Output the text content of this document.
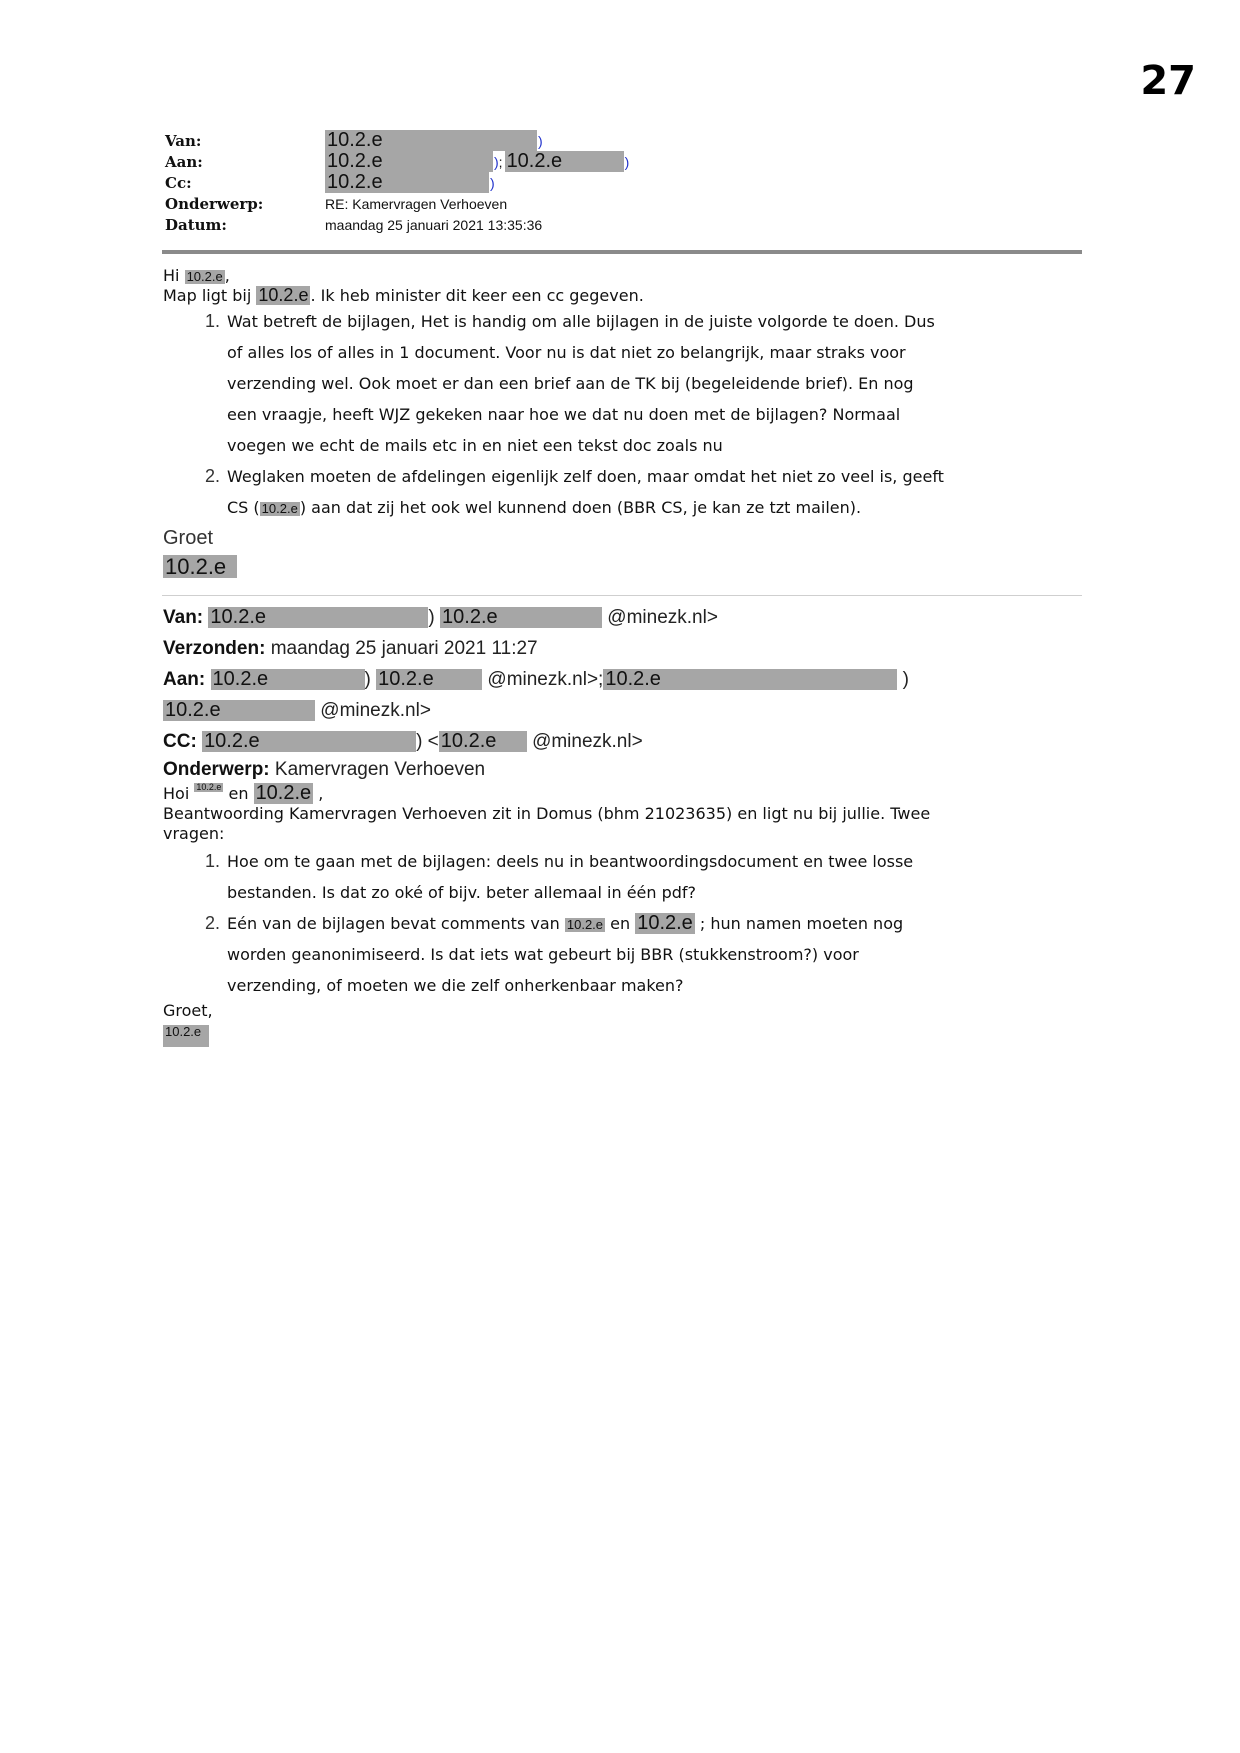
27
Van:	10.2.e	)
Aan:	10.2.e	) ; 10.2.e	)
Cc:	10.2.e	)
Onderwerp:	RE: Kamervragen Verhoeven
Datum:	maandag 25 januari 2021 13:35:36
Hi 10.2.e ,
Map ligt bij 10.2.e . Ik heb minister dit keer een cc gegeven.
1. Wat betreft de bijlagen, Het is handig om alle bijlagen in de juiste volgorde te doen. Dus
of alles los of alles in 1 document. Voor nu is dat niet zo belangrijk, maar straks voor
verzending wel. Ook moet er dan een brief aan de TK bij (begeleidende brief). En nog
een vraagje, heeft WJZ gekeken naar hoe we dat nu doen met de bijlagen? Normaal
voegen we echt de mails etc in en niet een tekst doc zoals nu
2. Weglaken moeten de afdelingen eigenlijk zelf doen, maar omdat het niet zo veel is, geeft
CS ( 10.2.e ) aan dat zij het ook wel kunnend doen (BBR CS, je kan ze tzt mailen).
Groet
10.2.e
Van: 10.2.e	) 10.2.e	@minezk.nl>
Verzonden: maandag 25 januari 2021 11:27
Aan: 10.2.e	) 10.2.e	@minezk.nl>; 10.2.e	)
10.2.e	@minezk.nl>
CC: 10.2.e	) < 10.2.e @minezk.nl>
Onderwerp: Kamervragen Verhoeven
Hoi 10.2.e en 10.2.e ,
Beantwoording Kamervragen Verhoeven zit in Domus (bhm 21023635) en ligt nu bij jullie. Twee
vragen:
1. Hoe om te gaan met de bijlagen: deels nu in beantwoordingsdocument en twee losse
bestanden. Is dat zo oké of bijv. beter allemaal in één pdf?
2. Eén van de bijlagen bevat comments van 10.2.e en 10.2.e ; hun namen moeten nog
worden geanonimiseerd. Is dat iets wat gebeurt bij BBR (stukkenstroom?) voor
verzending, of moeten we die zelf onherkenbaar maken?
Groet,
10.2.e
